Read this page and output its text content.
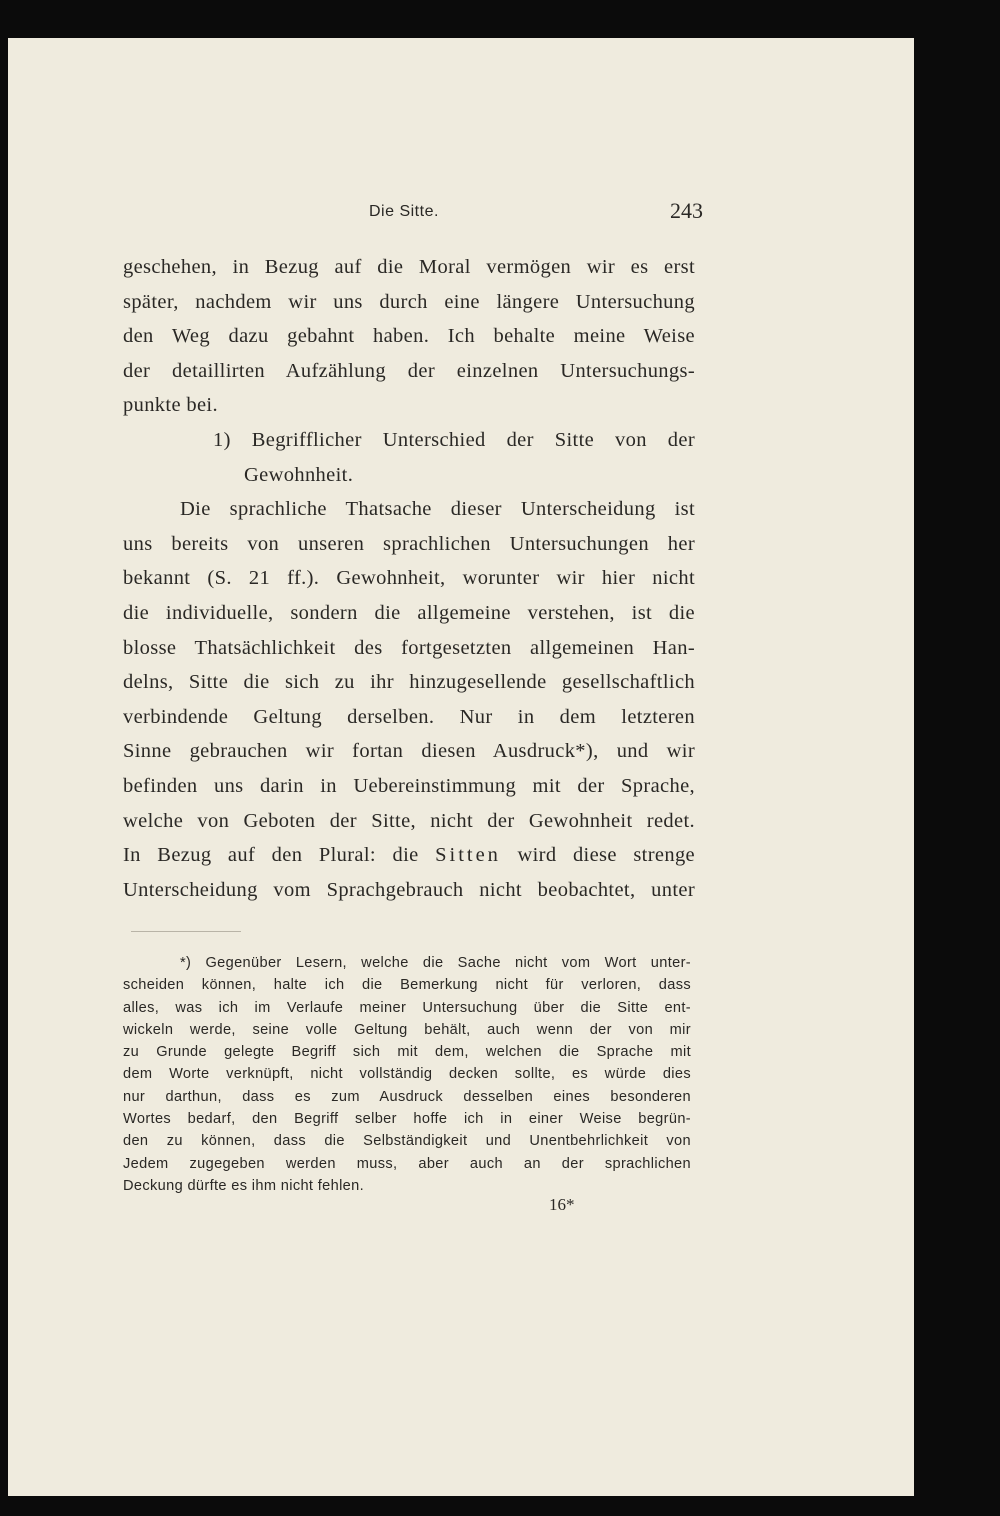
Die Sitte.	243
geschehen, in Bezug auf die Moral vermögen wir es erst
später, nachdem wir uns durch eine längere Untersuchung
den Weg dazu gebahnt haben. Ich behalte meine Weise
der detaillirten Aufzählung der einzelnen Untersuchungs-
punkte bei.
1) Begrifflicher Unterschied der Sitte von der
Gewohnheit.
Die sprachliche Thatsache dieser Unterscheidung ist
uns bereits von unseren sprachlichen Untersuchungen her
bekannt (S. 21 ff.). Gewohnheit, worunter wir hier nicht
die individuelle, sondern die allgemeine verstehen, ist die
blosse Thatsächlichkeit des fortgesetzten allgemeinen Han-
delns, Sitte die sich zu ihr hinzugesellende gesellschaftlich
verbindende Geltung derselben. Nur in dem letzteren
Sinne gebrauchen wir fortan diesen Ausdruck*), und wir
befinden uns darin in Uebereinstimmung mit der Sprache,
welche von Geboten der Sitte, nicht der Gewohnheit redet.
In Bezug auf den Plural: die Sitten wird diese strenge
Unterscheidung vom Sprachgebrauch nicht beobachtet, unter
*) Gegenüber Lesern, welche die Sache nicht vom Wort unter-
scheiden können, halte ich die Bemerkung nicht für verloren, dass
alles, was ich im Verlaufe meiner Untersuchung über die Sitte ent-
wickeln werde, seine volle Geltung behält, auch wenn der von mir
zu Grunde gelegte Begriff sich mit dem, welchen die Sprache mit
dem Worte verknüpft, nicht vollständig decken sollte, es würde dies
nur darthun, dass es zum Ausdruck desselben eines besonderen
Wortes bedarf, den Begriff selber hoffe ich in einer Weise begrün-
den zu können, dass die Selbständigkeit und Unentbehrlichkeit von
Jedem zugegeben werden muss, aber auch an der sprachlichen
Deckung dürfte es ihm nicht fehlen.
16*
